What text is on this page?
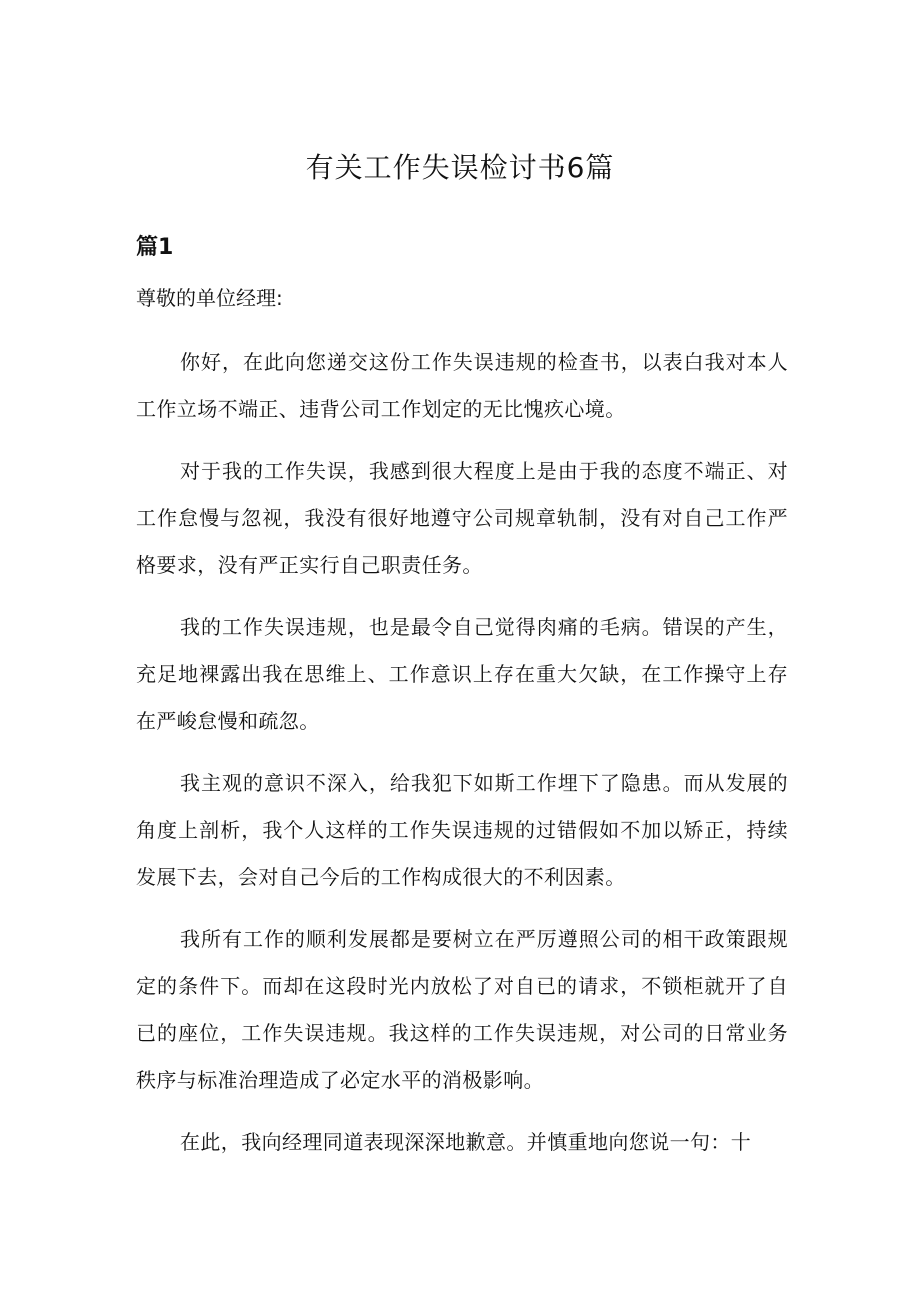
有关工作失误检讨书6篇
篇1
尊敬的单位经理:

你好，在此向您递交这份工作失误违规的检查书，以表白我对本人工作立场不端正、违背公司工作划定的无比愧疚心境。

对于我的工作失误，我感到很大程度上是由于我的态度不端正、对工作怠慢与忽视，我没有很好地遵守公司规章轨制，没有对自己工作严格要求，没有严正实行自己职责任务。

我的工作失误违规，也是最令自己觉得肉痛的毛病。错误的产生，充足地裸露出我在思维上、工作意识上存在重大欠缺，在工作操守上存在严峻怠慢和疏忽。

我主观的意识不深入，给我犯下如斯工作埋下了隐患。而从发展的角度上剖析，我个人这样的工作失误违规的过错假如不加以矫正，持续发展下去，会对自己今后的工作构成很大的不利因素。

我所有工作的顺利发展都是要树立在严厉遵照公司的相干政策跟规定的条件下。而却在这段时光内放松了对自已的请求，不锁柜就开了自已的座位，工作失误违规。我这样的工作失误违规，对公司的日常业务秩序与标准治理造成了必定水平的消极影响。

在此，我向经理同道表现深深地歉意。并慎重地向您说一句：十
